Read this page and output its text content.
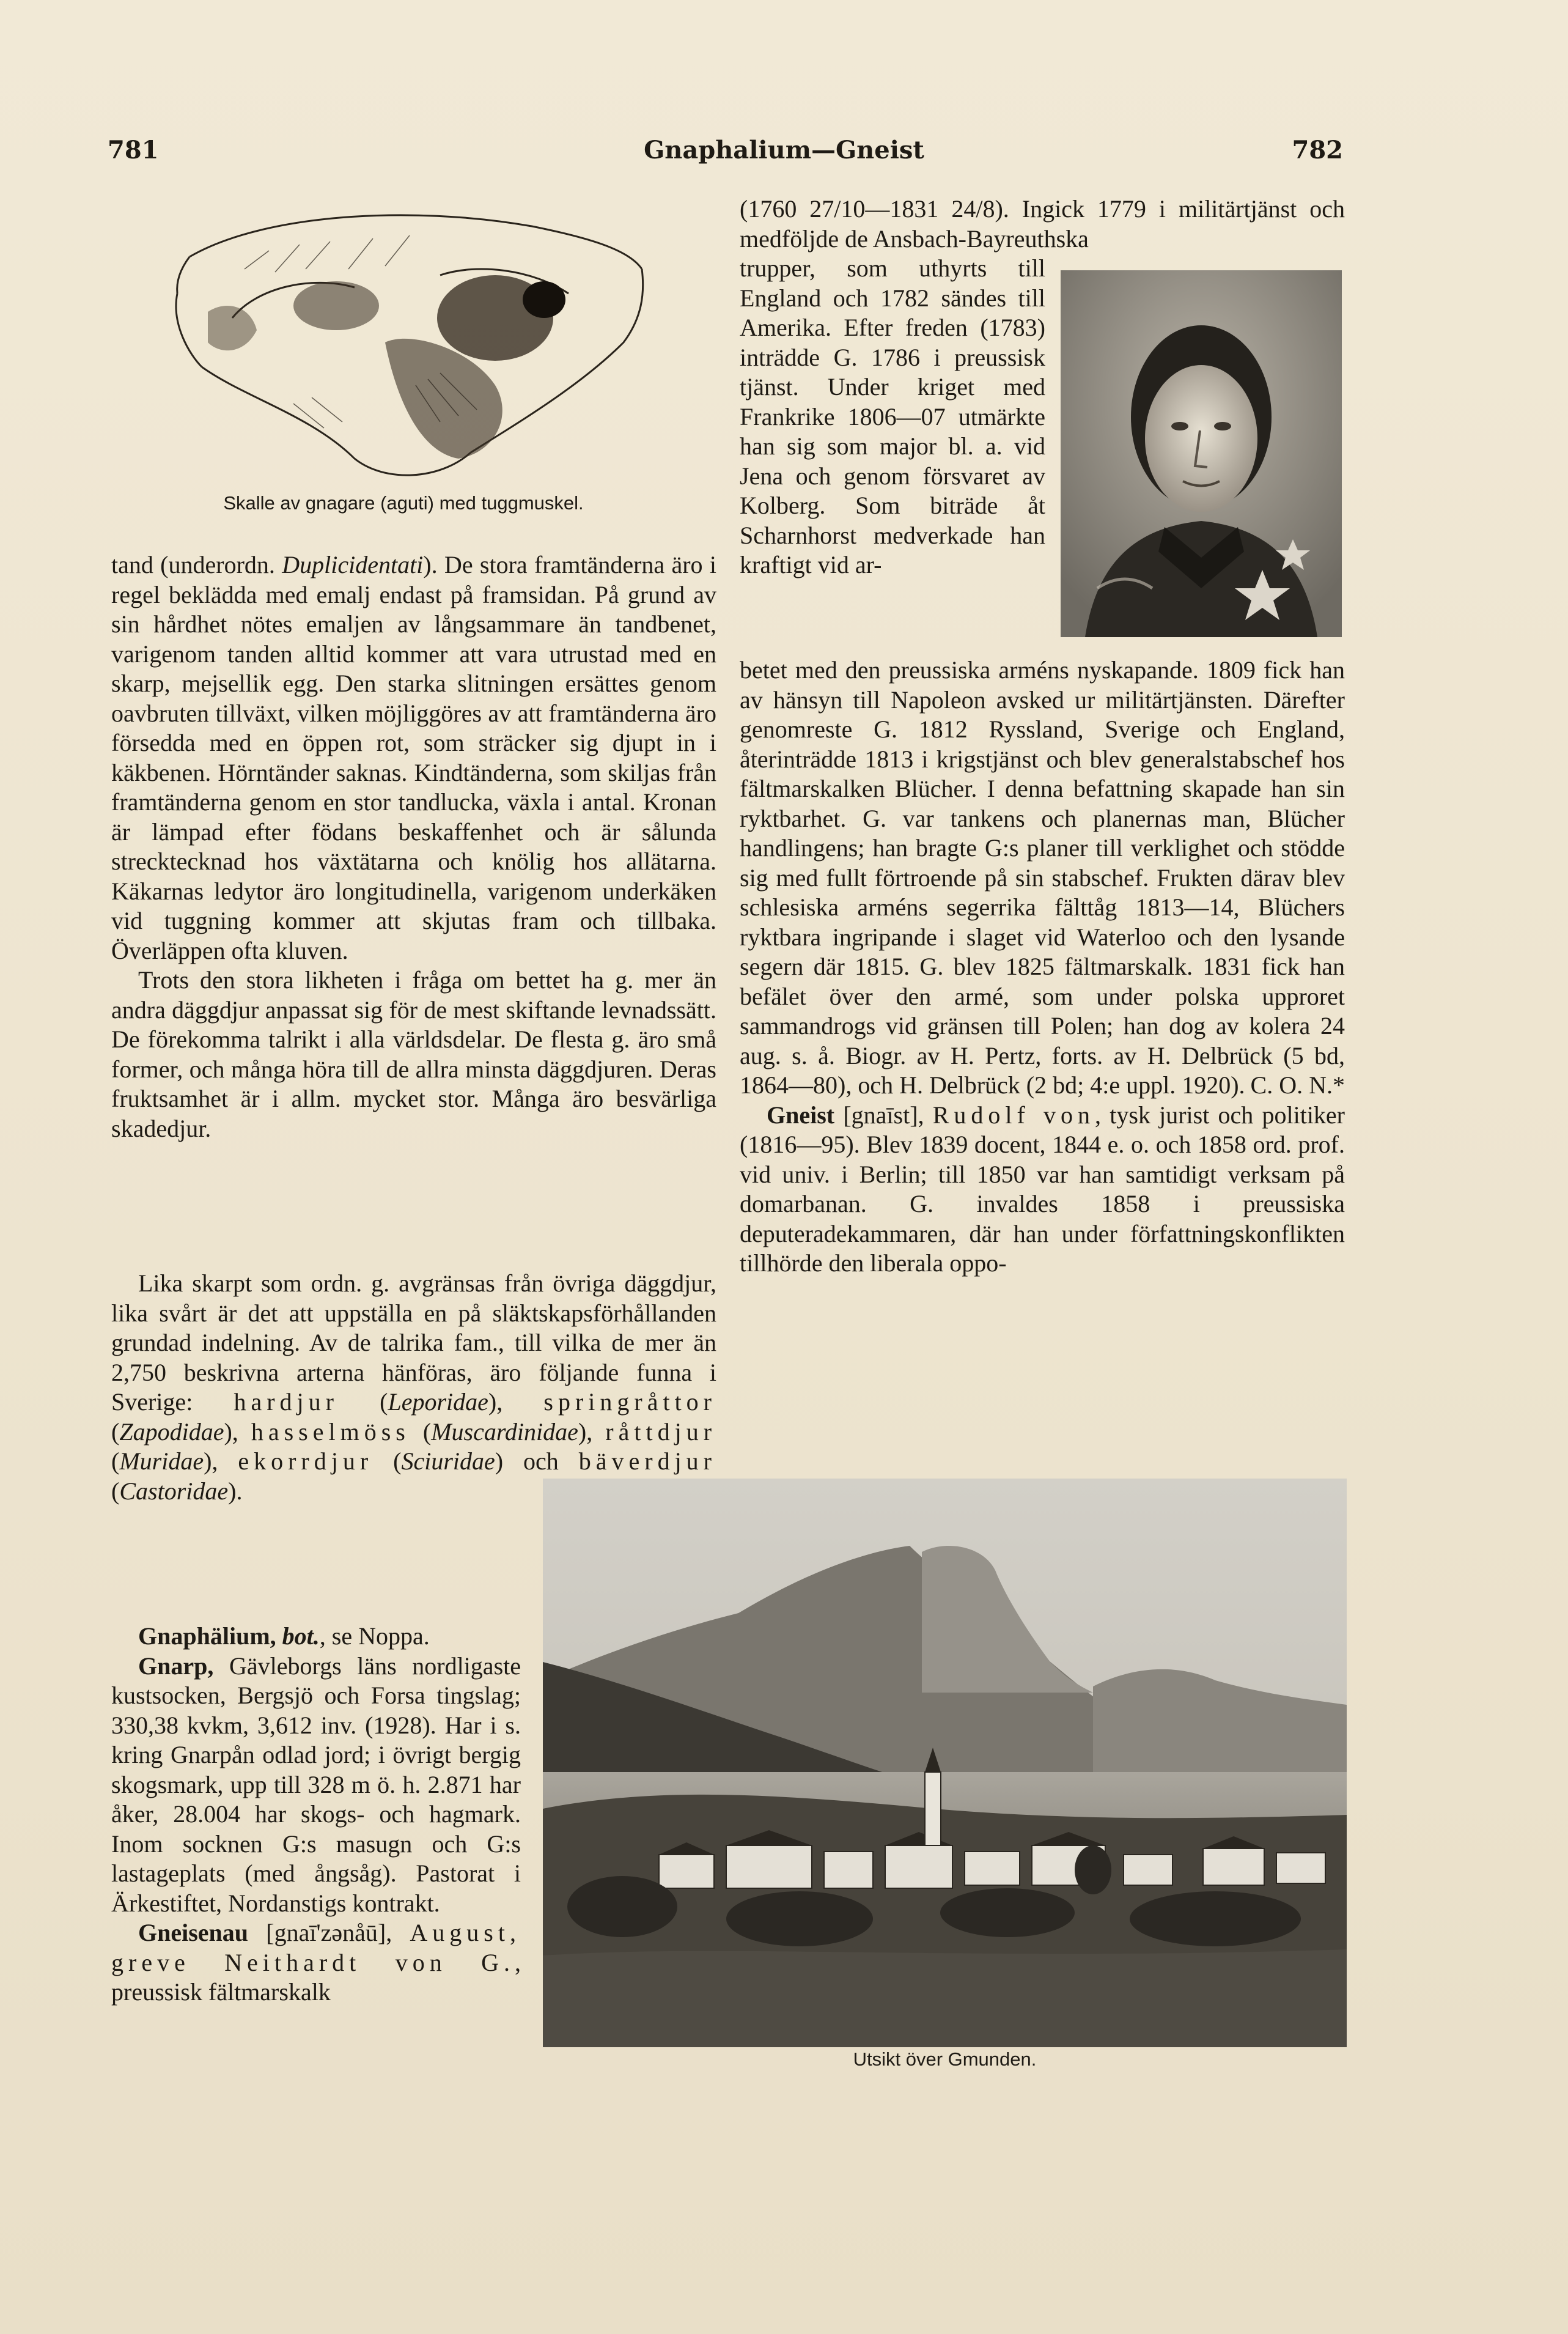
781	Gnaphalium—Gneist	782
Skalle av gnagare (aguti) med tuggmuskel.

tand (underordn. Duplicidentati). De stora framtänderna äro i regel beklädda med emalj endast på framsidan. På grund av sin hårdhet nötes emaljen av långsammare än tandbenet, varigenom tanden alltid kommer att vara utrustad med en skarp, mejsellik egg. Den starka slitningen ersättes genom oavbruten tillväxt, vilken möjliggöres av att framtänderna äro försedda med en öppen rot, som sträcker sig djupt in i käkbenen. Hörntänder saknas. Kindtänderna, som skiljas från framtänderna genom en stor tandlucka, växla i antal. Kronan är lämpad efter födans beskaffenhet och är sålunda strecktecknad hos växtätarna och knölig hos allätarna. Käkarnas ledytor äro longitudinella, varigenom underkäken vid tuggning kommer att skjutas fram och tillbaka. Överläppen ofta kluven.

Trots den stora likheten i fråga om bettet ha g. mer än andra däggdjur anpassat sig för de mest skiftande levnadssätt. De förekomma talrikt i alla världsdelar. De flesta g. äro små former, och många höra till de allra minsta däggdjuren. Deras fruktsamhet är i allm. mycket stor. Många äro besvärliga skadedjur.

Lika skarpt som ordn. g. avgränsas från övriga däggdjur, lika svårt är det att uppställa en på släktskapsförhållanden grundad indelning. Av de talrika fam., till vilka de mer än 2,750 beskrivna arterna hänföras, äro följande funna i Sverige: hardjur (Leporidae), springråttor (Zapodidae), hasselmöss (Muscardinidae), råttdjur (Muridae), ekorrdjur (Sciuridae) och bäverdjur (Castoridae).

Gnaphälium, bot., se Noppa.

Gnarp, Gävleborgs läns nordligaste kustsocken, Bergsjö och Forsa tingslag; 330,38 kvkm, 3,612 inv. (1928). Har i s. kring Gnarpån odlad jord; i övrigt bergig skogsmark, upp till 328 m ö. h. 2.871 har åker, 28.004 har skogs- och hagmark. Inom socknen G:s masugn och G:s lastageplats (med ångsåg). Pastorat i Ärkestiftet, Nordanstigs kontrakt.

Gneisenau [gnaī'zənåū], August, greve Neithardt von G., preussisk fältmarskalk

(1760 27/10—1831 24/8). Ingick 1779 i militärtjänst och medföljde de Ansbach-Bayreuthska

trupper, som uthyrts till England och 1782 sändes till Amerika. Efter freden (1783) inträdde G. 1786 i preussisk tjänst. Under kriget med Frankrike 1806—07 utmärkte han sig som major bl. a. vid Jena och genom försvaret av Kolberg. Som biträde åt Scharnhorst medverkade han kraftigt vid ar-

betet med den preussiska arméns nyskapande. 1809 fick han av hänsyn till Napoleon avsked ur militärtjänsten. Därefter genomreste G. 1812 Ryssland, Sverige och England, återinträdde 1813 i krigstjänst och blev generalstabschef hos fältmarskalken Blücher. I denna befattning skapade han sin ryktbarhet. G. var tankens och planernas man, Blücher handlingens; han bragte G:s planer till verklighet och stödde sig med fullt förtroende på sin stabschef. Frukten därav blev schlesiska arméns segerrika fälttåg 1813—14, Blüchers ryktbara ingripande i slaget vid Waterloo och den lysande segern där 1815. G. blev 1825 fältmarskalk. 1831 fick han befälet över den armé, som under polska upproret sammandrogs vid gränsen till Polen; han dog av kolera 24 aug. s. å. Biogr. av H. Pertz, forts. av H. Delbrück (5 bd, 1864—80), och H. Delbrück (2 bd; 4:e uppl. 1920). C. O. N.*

Gneist [gnaīst], Rudolf von, tysk jurist och politiker (1816—95). Blev 1839 docent, 1844 e. o. och 1858 ord. prof. vid univ. i Berlin; till 1850 var han samtidigt verksam på domarbanan. G. invaldes 1858 i preussiska deputeradekammaren, där han under författningskonflikten tillhörde den liberala oppo-

Utsikt över Gmunden.
